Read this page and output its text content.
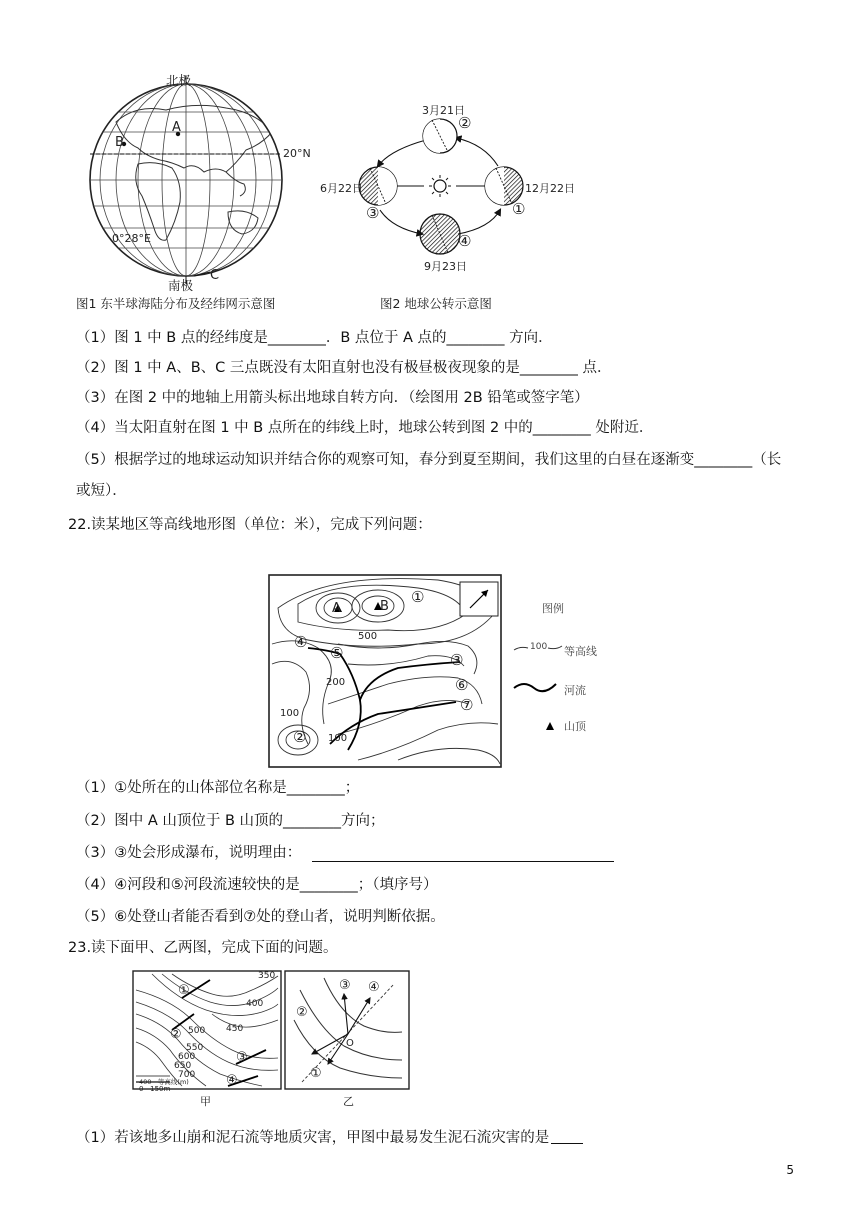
北极
南极
20°N
0°28°E
A
B
C
图1 东半球海陆分布及经纬网示意图
3月21日
6月22日	12月22日
9月23日
②
③	①
④
图2 地球公转示意图
（1）图 1 中 B 点的经纬度是________．B 点位于 A 点的________ 方向．
（2）图 1 中 A、B、C 三点既没有太阳直射也没有极昼极夜现象的是________ 点．
（3）在图 2 中的地轴上用箭头标出地球自转方向．（绘图用 2B 铅笔或签字笔）
（4）当太阳直射在图 1 中 B 点所在的纬线上时，地球公转到图 2 中的________ 处附近．
（5）根据学过的地球运动知识并结合你的观察可知，春分到夏至期间，我们这里的白昼在逐渐变________（长
或短）．
22.读某地区等高线地形图（单位：米），完成下列问题：
A	B
500
200
100
100
①
②
③
④
⑤
⑥
⑦
图例
100 等高线
河流
山顶
（1）①处所在的山体部位名称是________；
（2）图中 A 山顶位于 B 山顶的________方向；
（3）③处会形成瀑布，说明理由：
（4）④河段和⑤河段流速较快的是________；（填序号）
（5）⑥处登山者能否看到⑦处的登山者，说明判断依据。
23.读下面甲、乙两图，完成下面的问题。
350
400
450
500
550
600
650
700
①
②
③
④
400—等高线(m)
0   150m
甲
②
③ ④
①
O
乙
（1）若该地多山崩和泥石流等地质灾害，甲图中最易发生泥石流灾害的是
5
